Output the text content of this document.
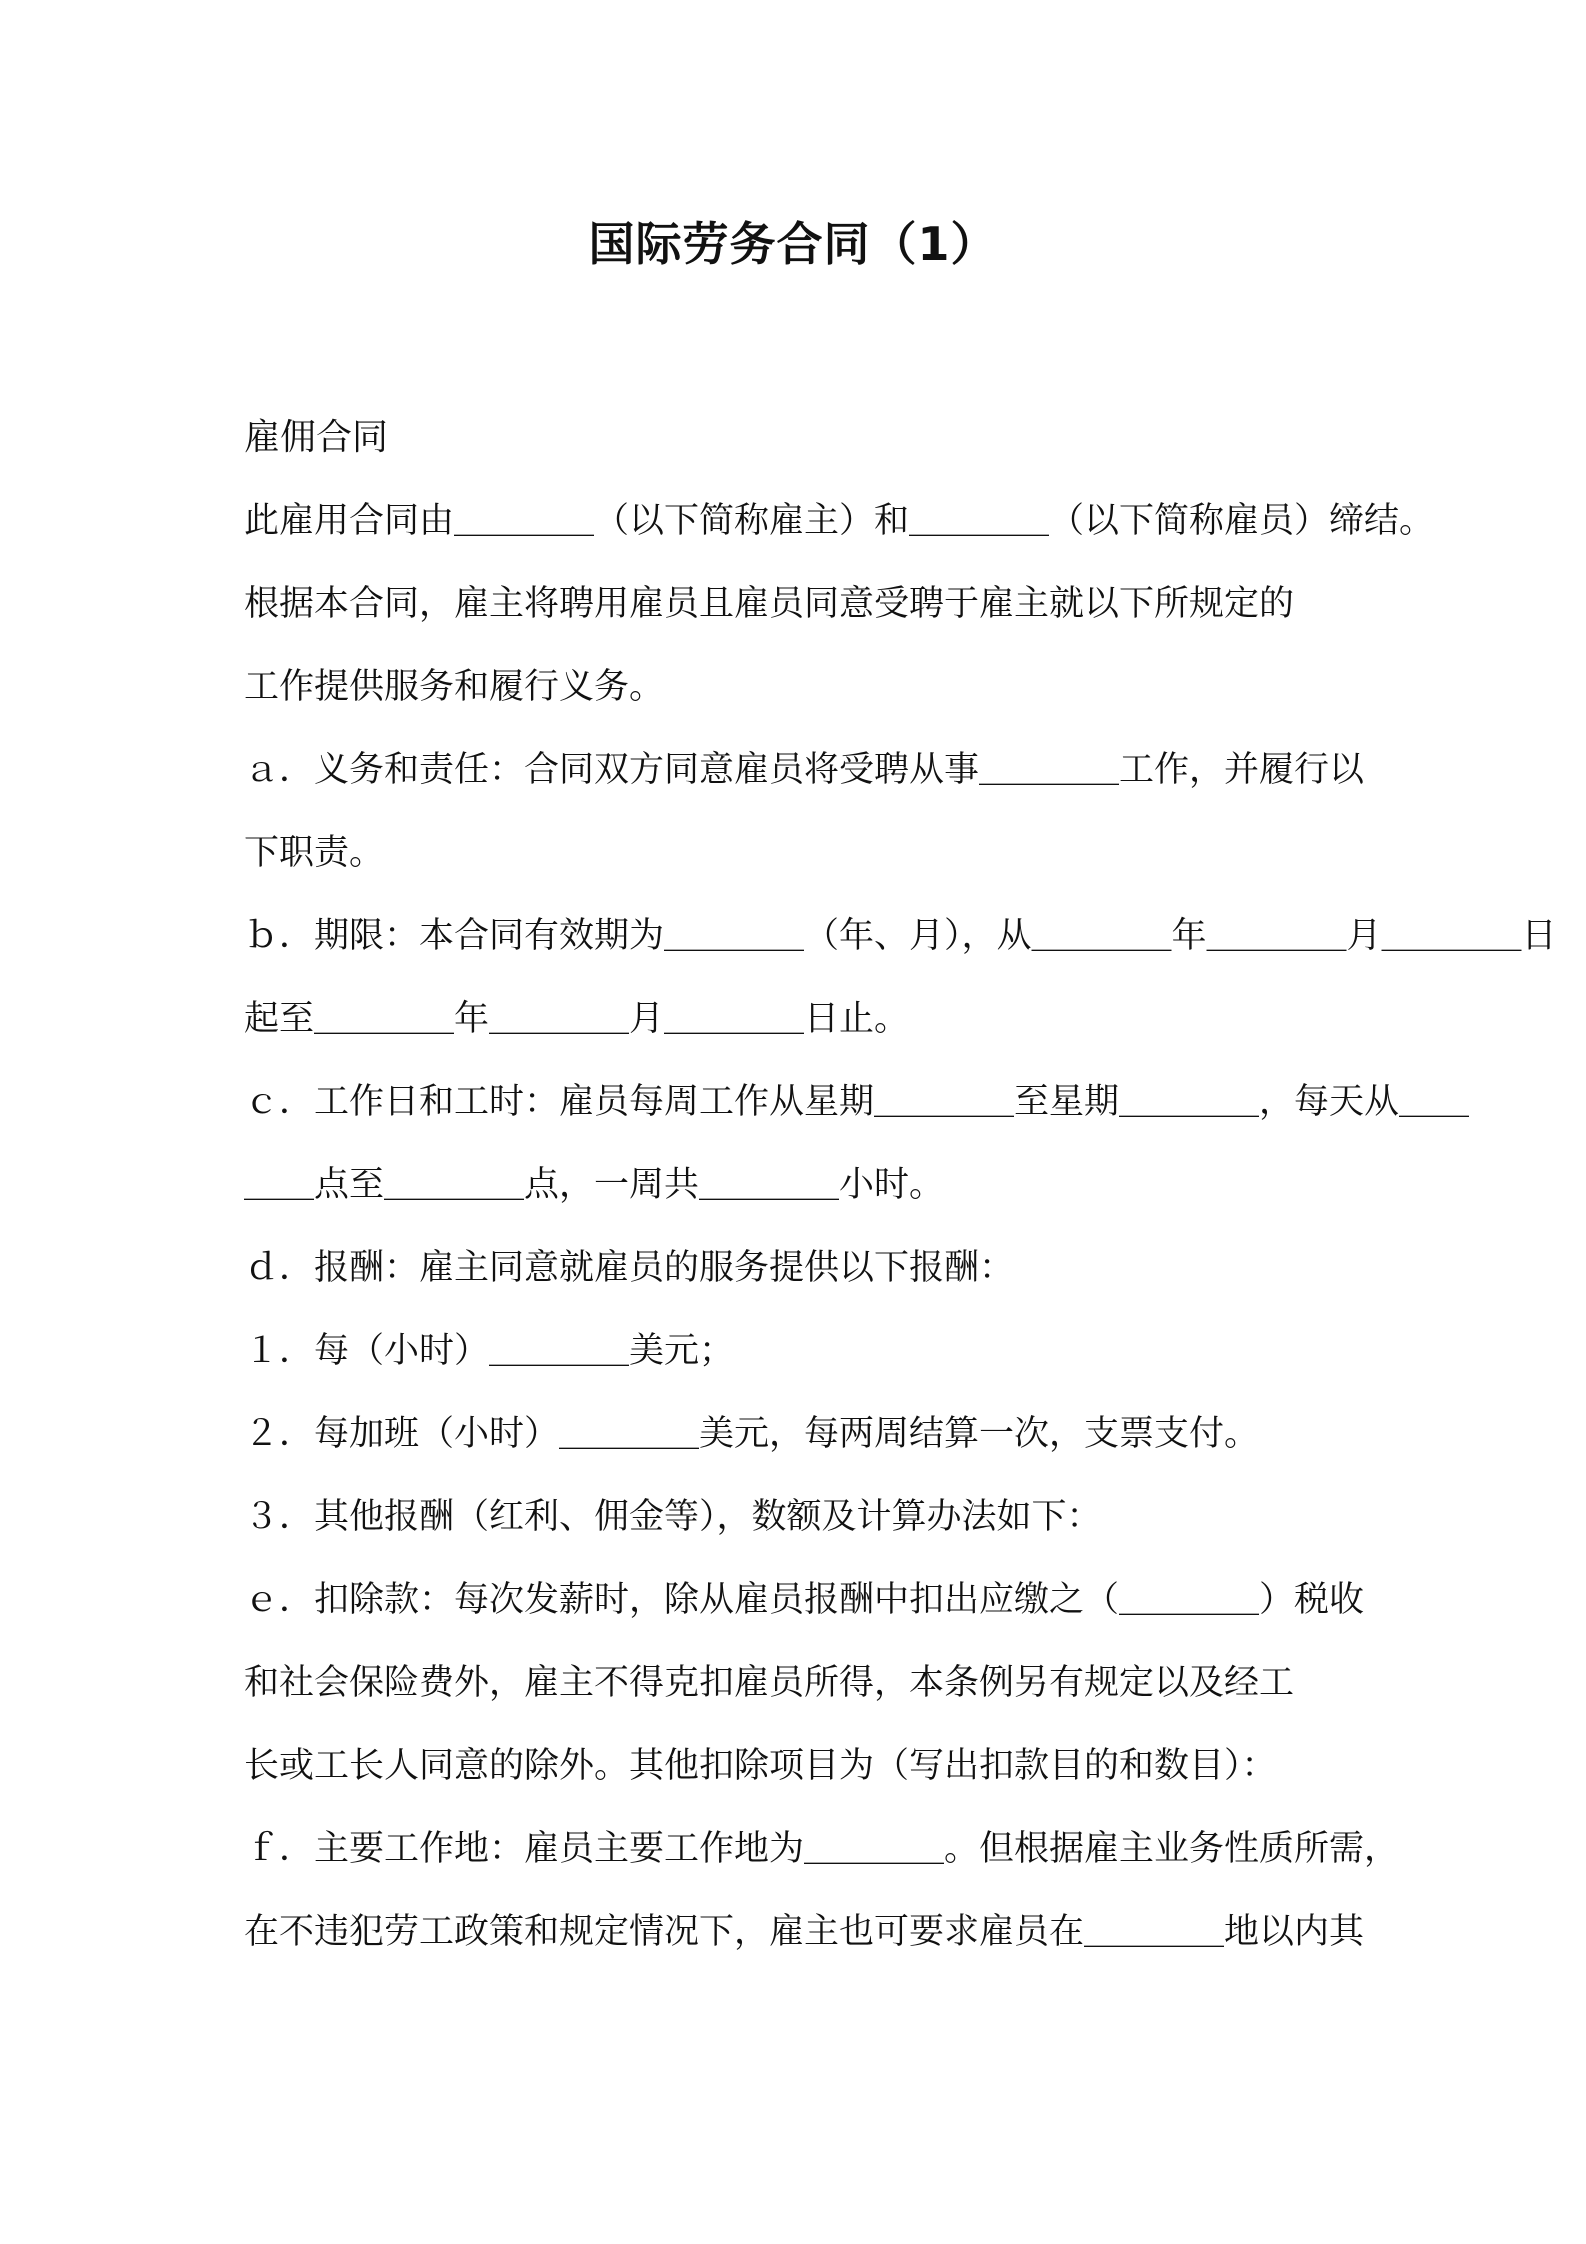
国际劳务合同（1）

雇佣合同

此雇用合同由＿＿＿＿（以下简称雇主）和＿＿＿＿（以下简称雇员）缔结。

根据本合同，雇主将聘用雇员且雇员同意受聘于雇主就以下所规定的

工作提供服务和履行义务。

ａ．义务和责任：合同双方同意雇员将受聘从事＿＿＿＿工作，并履行以

下职责。

ｂ．期限：本合同有效期为＿＿＿＿（年、月），从＿＿＿＿年＿＿＿＿月＿＿＿＿日

起至＿＿＿＿年＿＿＿＿月＿＿＿＿日止。

ｃ．工作日和工时：雇员每周工作从星期＿＿＿＿至星期＿＿＿＿，每天从＿＿

＿＿点至＿＿＿＿点，一周共＿＿＿＿小时。

ｄ．报酬：雇主同意就雇员的服务提供以下报酬：

１．每（小时）＿＿＿＿美元；

２．每加班（小时）＿＿＿＿美元，每两周结算一次，支票支付。

３．其他报酬（红利、佣金等），数额及计算办法如下：

ｅ．扣除款：每次发薪时，除从雇员报酬中扣出应缴之（＿＿＿＿）税收

和社会保险费外，雇主不得克扣雇员所得，本条例另有规定以及经工

长或工长人同意的除外。其他扣除项目为（写出扣款目的和数目）：

ｆ．主要工作地：雇员主要工作地为＿＿＿＿。但根据雇主业务性质所需，

在不违犯劳工政策和规定情况下，雇主也可要求雇员在＿＿＿＿地以内其
